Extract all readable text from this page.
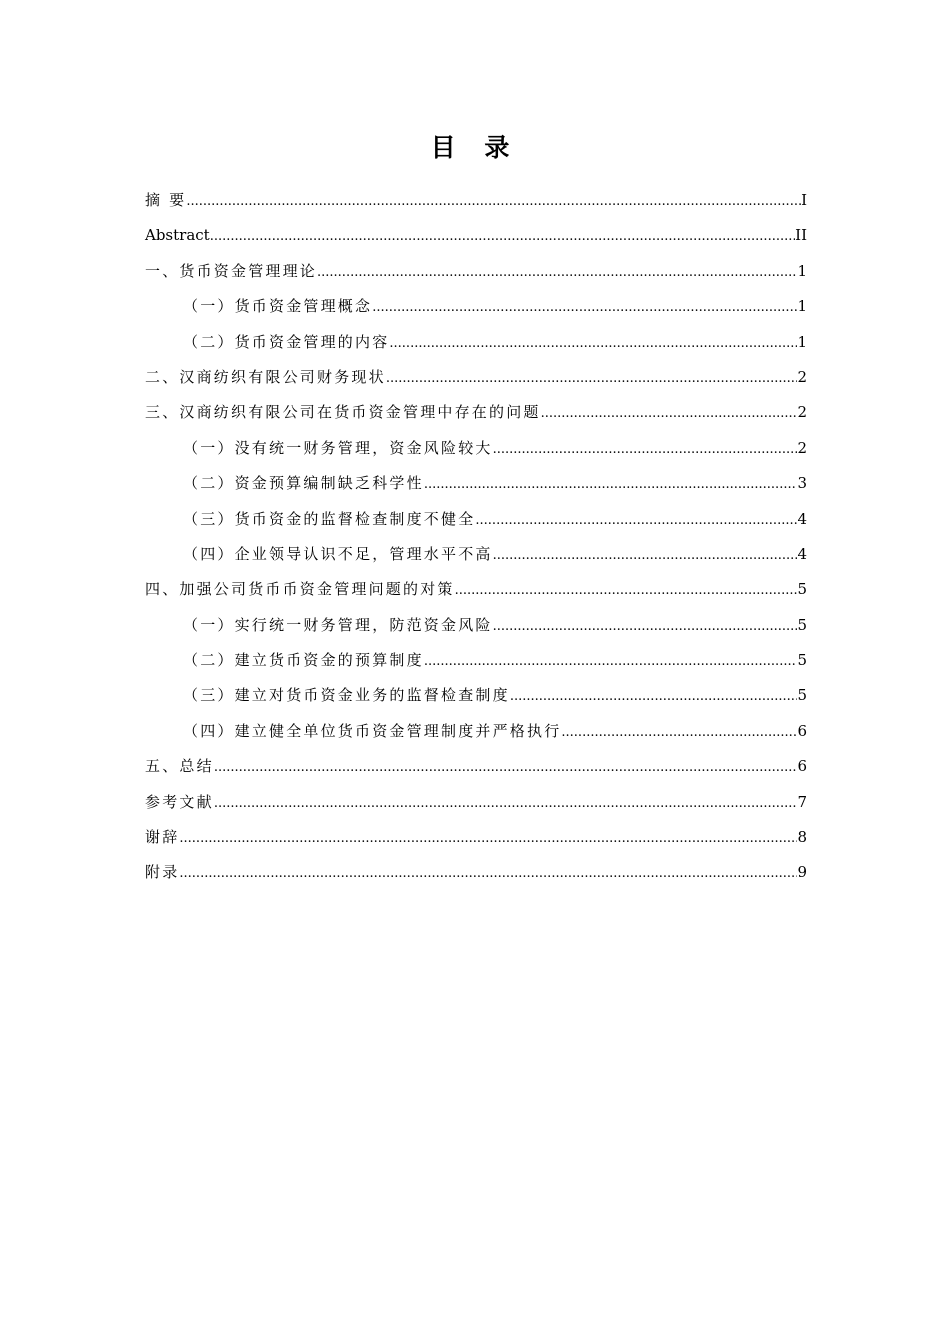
目 录
摘 要 .....	I
Abstract .....	II
一、货币资金管理理论 .....	1
（一）货币资金管理概念 .....	1
（二）货币资金管理的内容 .....	1
二、汉商纺织有限公司财务现状 .....	2
三、汉商纺织有限公司在货币资金管理中存在的问题 .....	2
（一）没有统一财务管理，资金风险较大 .....	2
（二）资金预算编制缺乏科学性 .....	3
（三）货币资金的监督检查制度不健全 .....	4
（四）企业领导认识不足，管理水平不高 .....	4
四、加强公司货币币资金管理问题的对策 .....	5
（一）实行统一财务管理，防范资金风险 .....	5
（二）建立货币资金的预算制度 .....	5
（三）建立对货币资金业务的监督检查制度 .....	5
（四）建立健全单位货币资金管理制度并严格执行 .....	6
五、总结 .....	6
参考文献 .....	7
谢辞 .....	8
附录 .....	9
